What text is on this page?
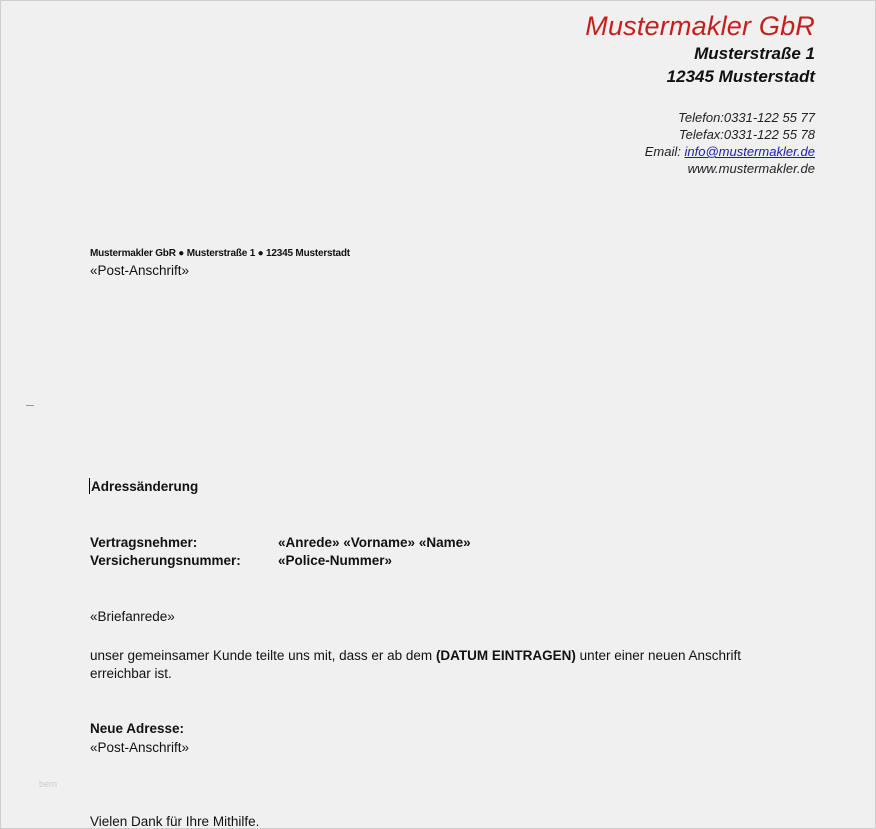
Mustermakler GbR
Musterstraße 1
12345 Musterstadt
Telefon:0331-122 55 77
Telefax:0331-122 55 78
Email: info@mustermakler.de
www.mustermakler.de
Mustermakler GbR ● Musterstraße 1 ● 12345 Musterstadt
«Post-Anschrift»
Adressänderung
Vertragsnehmer:	«Anrede» «Vorname» «Name»
Versicherungsnummer:	«Police-Nummer»
«Briefanrede»
unser gemeinsamer Kunde teilte uns mit, dass er ab dem (DATUM EINTRAGEN) unter einer neuen Anschrift erreichbar ist.
Neue Adresse:
«Post-Anschrift»
bern
Vielen Dank für Ihre Mithilfe.
